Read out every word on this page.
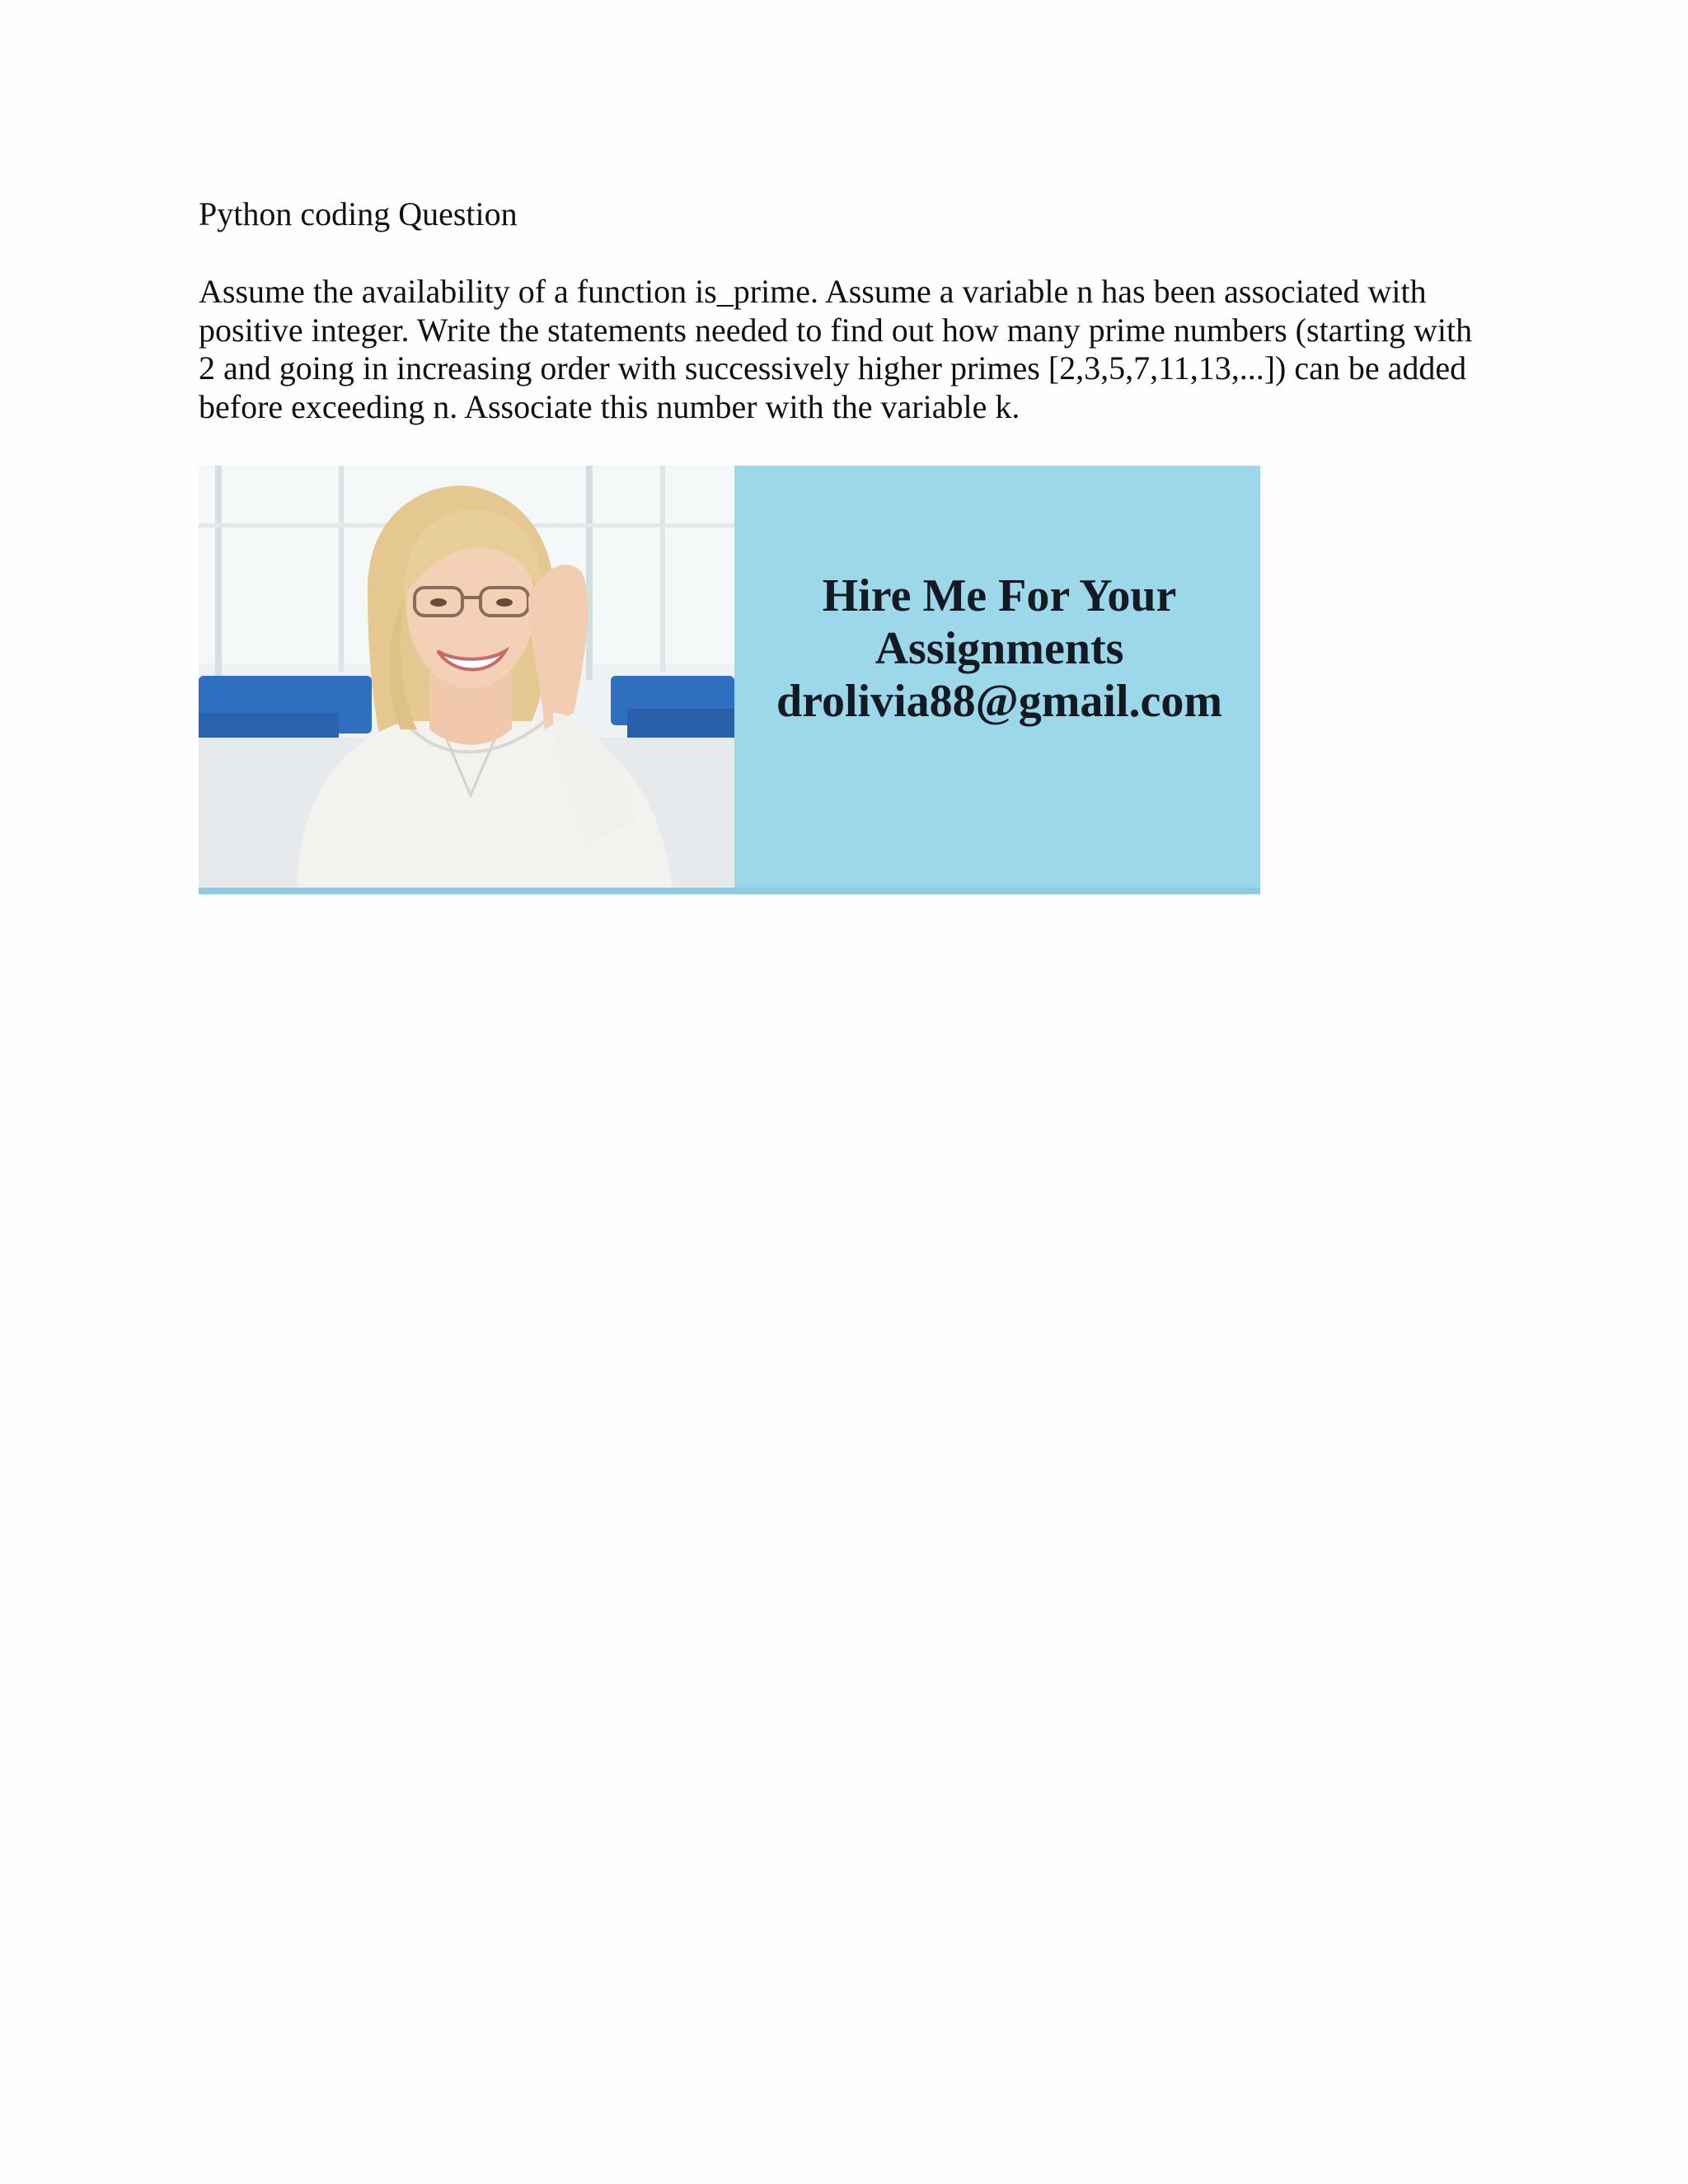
Python coding Question
Assume the availability of a function is_prime. Assume a variable n has been associated with
positive integer. Write the statements needed to find out how many prime numbers (starting with
2 and going in increasing order with successively higher primes [2,3,5,7,11,13,...]) can be added
before exceeding n. Associate this number with the variable k.
Hire Me For Your
Assignments
drolivia88@gmail.com
